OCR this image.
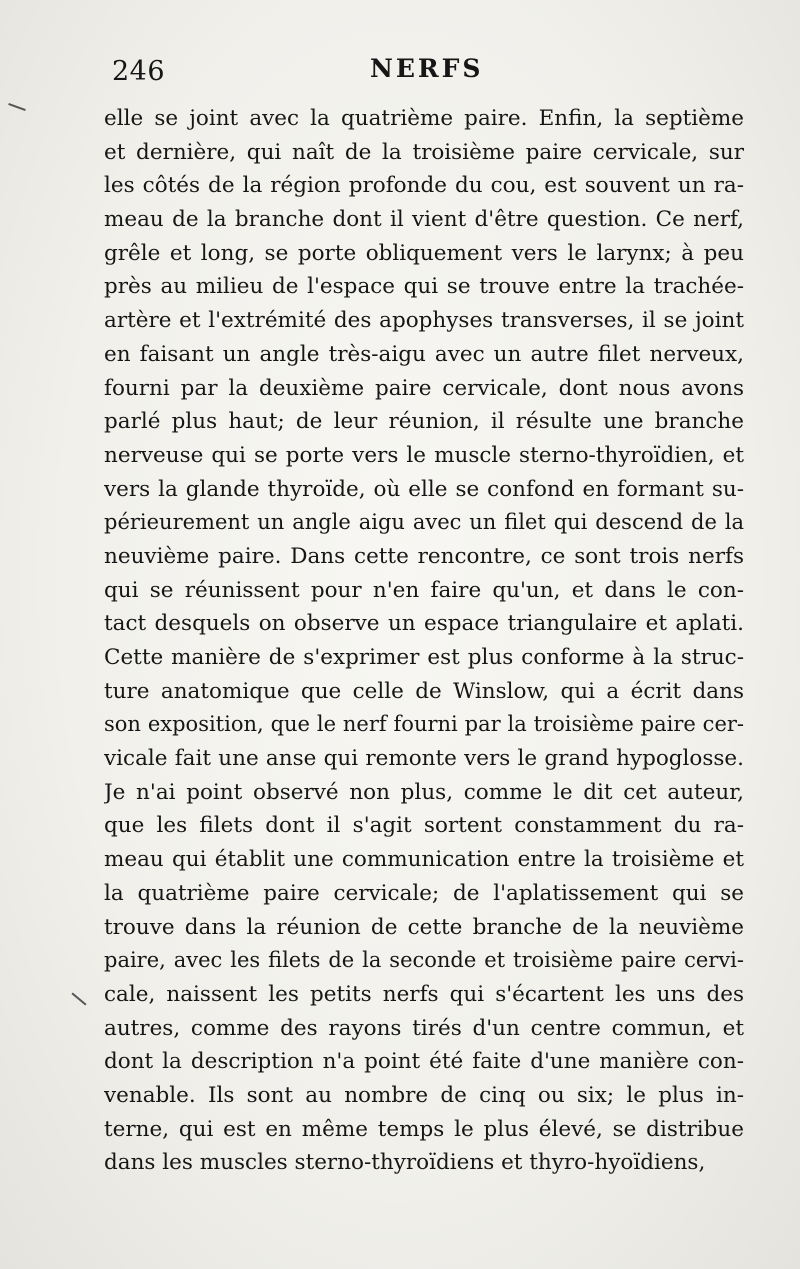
246	NERFS
elle se joint avec la quatrième paire. Enfin, la septième
et dernière, qui naît de la troisième paire cervicale, sur
les côtés de la région profonde du cou, est souvent un ra-
meau de la branche dont il vient d'être question. Ce nerf,
grêle et long, se porte obliquement vers le larynx; à peu
près au milieu de l'espace qui se trouve entre la trachée-
artère et l'extrémité des apophyses transverses, il se joint
en faisant un angle très-aigu avec un autre filet nerveux,
fourni par la deuxième paire cervicale, dont nous avons
parlé plus haut; de leur réunion, il résulte une branche
nerveuse qui se porte vers le muscle sterno-thyroïdien, et
vers la glande thyroïde, où elle se confond en formant su-
périeurement un angle aigu avec un filet qui descend de la
neuvième paire. Dans cette rencontre, ce sont trois nerfs
qui se réunissent pour n'en faire qu'un, et dans le con-
tact desquels on observe un espace triangulaire et aplati.
Cette manière de s'exprimer est plus conforme à la struc-
ture anatomique que celle de Winslow, qui a écrit dans
son exposition, que le nerf fourni par la troisième paire cer-
vicale fait une anse qui remonte vers le grand hypoglosse.
Je n'ai point observé non plus, comme le dit cet auteur,
que les filets dont il s'agit sortent constamment du ra-
meau qui établit une communication entre la troisième et
la quatrième paire cervicale; de l'aplatissement qui se
trouve dans la réunion de cette branche de la neuvième
paire, avec les filets de la seconde et troisième paire cervi-
cale, naissent les petits nerfs qui s'écartent les uns des
autres, comme des rayons tirés d'un centre commun, et
dont la description n'a point été faite d'une manière con-
venable. Ils sont au nombre de cinq ou six; le plus in-
terne, qui est en même temps le plus élevé, se distribue
dans les muscles sterno-thyroïdiens et thyro-hyoïdiens,
